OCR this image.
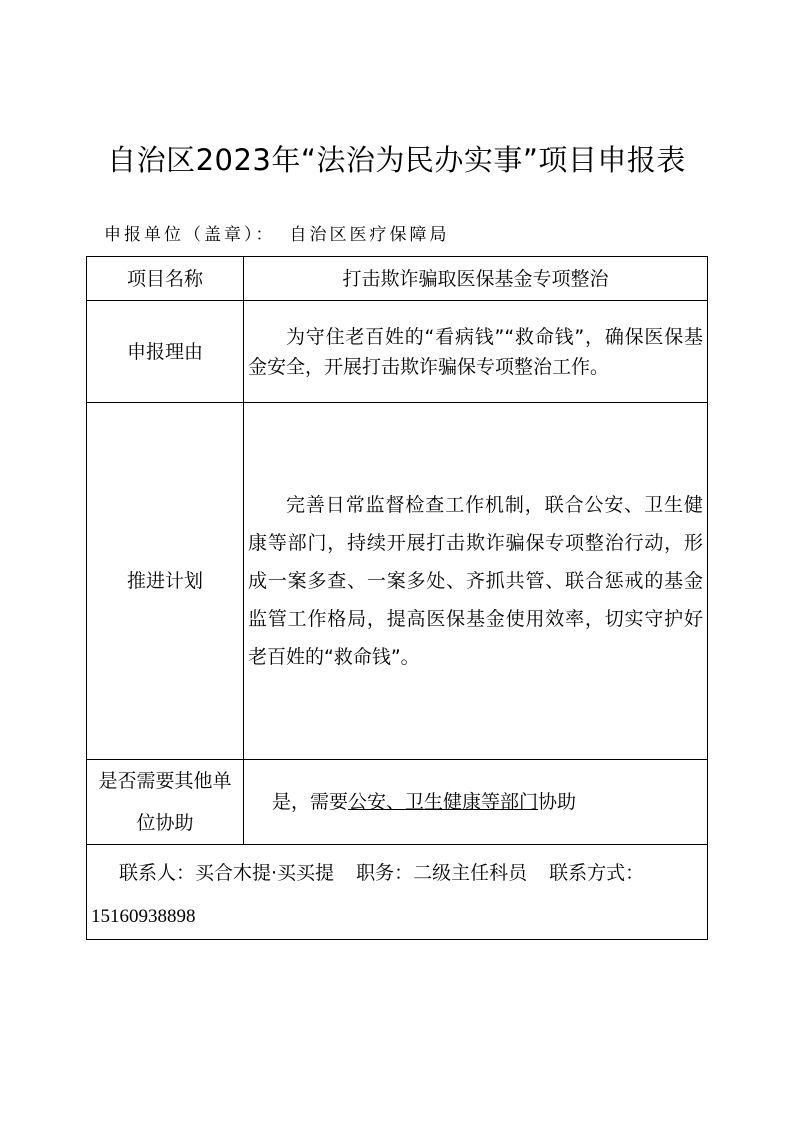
自治区2023年“法治为民办实事”项目申报表
申报单位（盖章）： 自治区医疗保障局
项目名称	打击欺诈骗取医保基金专项整治
申报理由	为守住老百姓的“看病钱”“救命钱”，确保医保基金安全，开展打击欺诈骗保专项整治工作。
推进计划	完善日常监督检查工作机制，联合公安、卫生健康等部门，持续开展打击欺诈骗保专项整治行动，形成一案多查、一案多处、齐抓共管、联合惩戒的基金监管工作格局，提高医保基金使用效率，切实守护好老百姓的“救命钱”。
是否需要其他单位协助	是，需要公安、卫生健康等部门协助

联系人：买合木提·买买提 职务：二级主任科员 联系方式：
15160938898	
